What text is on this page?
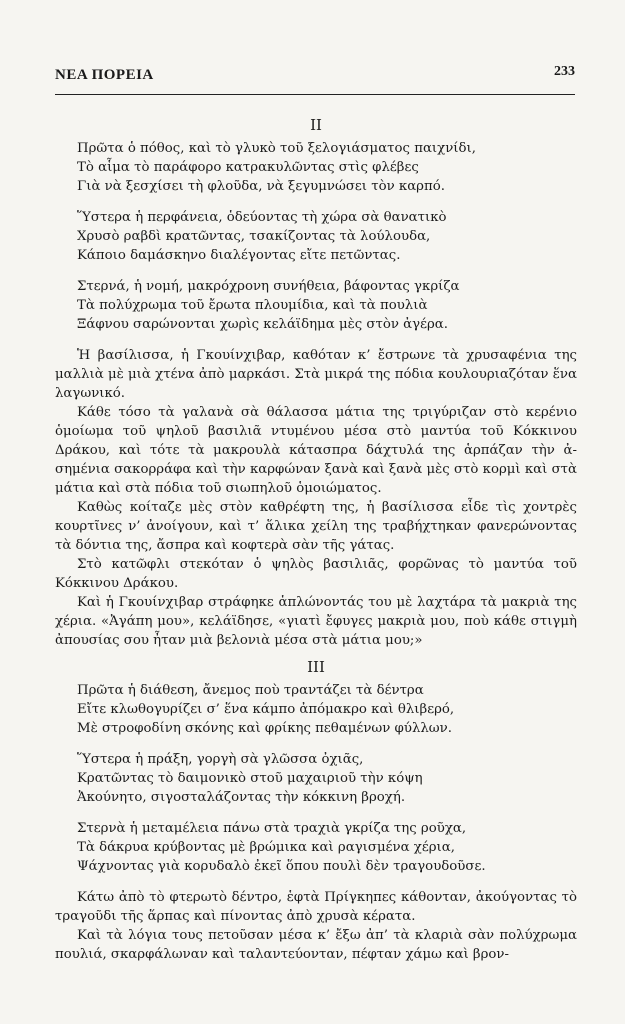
ΝΕΑ ΠΟΡΕΙΑ	233
II
Πρῶτα ὁ πόθος, καὶ τὸ γλυκὸ τοῦ ξελογιάσματος παιχνίδι,
Τὸ αἷμα τὸ παράφορο κατρακυλῶντας στὶς φλέβες
Γιὰ νὰ ξεσχίσει τὴ φλοῦδα, νὰ ξεγυμνώσει τὸν καρπό.
Ὕστερα ἡ περφάνεια, ὁδεύοντας τὴ χώρα σὰ θανατικὸ
Χρυσὸ ραβδὶ κρατῶντας, τσακίζοντας τὰ λούλουδα,
Κάποιο δαμάσκηνο διαλέγοντας εἴτε πετῶντας.
Στερνά, ἡ νομή, μακρόχρονη συνήθεια, βάφοντας γκρίζα
Τὰ πολύχρωμα τοῦ ἔρωτα πλουμίδια, καὶ τὰ πουλιὰ
Ξάφνου σαρώνονται χωρὶς κελάϊδημα μὲς στὸν ἀγέρα.

Ἡ βασίλισσα, ἡ Γκουίνχιβαρ, καθόταν κ’ ἔστρωνε τὰ χρυσαφένια της μαλλιὰ μὲ μιὰ χτένα ἀπὸ μαρκάσι. Στὰ μικρά της πόδια κουλουριαζόταν ἕνα λαγωνικό.

Κάθε τόσο τὰ γαλανὰ σὰ θάλασσα μάτια της τριγύριζαν στὸ κερένιο ὁμοίωμα τοῦ ψηλοῦ βασιλιᾶ ντυμένου μέσα στὸ μαντύα τοῦ Κόκκινου Δράκου, καὶ τότε τὰ μακρουλὰ κάτασπρα δάχτυλά της ἁρπάζαν τὴν ἀσημένια σακορράφα καὶ τὴν καρφώναν ξανὰ καὶ ξανὰ μὲς στὸ κορμὶ καὶ στὰ μάτια καὶ στὰ πόδια τοῦ σιωπηλοῦ ὁμοιώματος.

Καθὼς κοίταζε μὲς στὸν καθρέφτη της, ἡ βασίλισσα εἶδε τὶς χοντρὲς κουρτῖνες ν’ ἀνοίγουν, καὶ τ’ ἅλικα χείλη της τραβήχτηκαν φανερώνοντας τὰ δόντια της, ἄσπρα καὶ κοφτερὰ σὰν τῆς γάτας.

Στὸ κατῶφλι στεκόταν ὁ ψηλὸς βασιλιᾶς, φορῶνας τὸ μαντύα τοῦ Κόκκινου Δράκου.

Καὶ ἡ Γκουίνχιβαρ στράφηκε ἁπλώνοντάς του μὲ λαχτάρα τὰ μακριὰ της χέρια. «Ἀγάπη μου», κελάϊδησε, «γιατὶ ἔφυγες μακριὰ μου, ποὺ κάθε στιγμὴ ἀπουσίας σου ἦταν μιὰ βελονιὰ μέσα στὰ μάτια μου;»

III
Πρῶτα ἡ διάθεση, ἄνεμος ποὺ τραντάζει τὰ δέντρα
Εἴτε κλωθογυρίζει σ’ ἕνα κάμπο ἀπόμακρο καὶ θλιβερό,
Μὲ στροφοδίνη σκόνης καὶ φρίκης πεθαμένων φύλλων.
Ὕστερα ἡ πράξη, γοργὴ σὰ γλῶσσα ὀχιᾶς,
Κρατῶντας τὸ δαιμονικὸ στοῦ μαχαιριοῦ τὴν κόψη
Ἀκούνητο, σιγοσταλάζοντας τὴν κόκκινη βροχή.
Στερνὰ ἡ μεταμέλεια πάνω στὰ τραχιὰ γκρίζα της ροῦχα,
Τὰ δάκρυα κρύβοντας μὲ βρώμικα καὶ ραγισμένα χέρια,
Ψάχνοντας γιὰ κορυδαλὸ ἐκεῖ ὅπου πουλὶ δὲν τραγουδοῦσε.

Κάτω ἀπὸ τὸ φτερωτὸ δέντρο, ἑφτὰ Πρίγκηπες κάθονταν, ἀκούγοντας τὸ τραγοῦδι τῆς ἅρπας καὶ πίνοντας ἀπὸ χρυσὰ κέρατα.

Καὶ τὰ λόγια τους πετοῦσαν μέσα κ’ ἔξω ἀπ’ τὰ κλαριὰ σὰν πολύχρωμα πουλιά, σκαρφάλωναν καὶ ταλαντεύονταν, πέφταν χάμω καὶ βρον-
